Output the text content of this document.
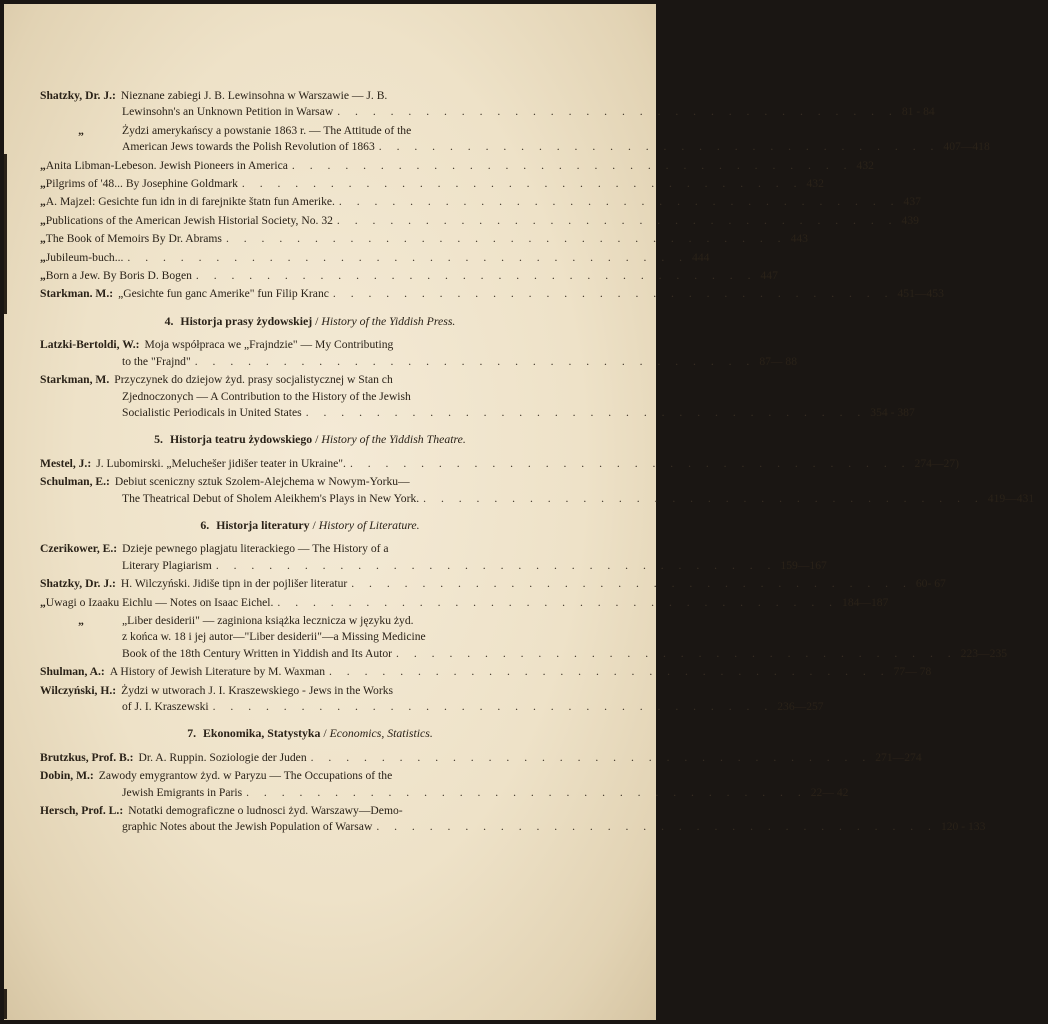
Shatzky, Dr. J.: Nieznane zabiegi J. B. Lewinsohna w Warszawie — J. B.
Lewinsohn's an Unknown Petition in Warsaw . . . . . . . . . . . . . . . . . . . . . . . . . . . . . . . . 81 - 84
„	Żydzi amerykańscy a powstanie 1863 r. — The Attitude of the
American Jews towards the Polish Revolution of 1863 . . . . . . . . . . . . . . . . . . . . . . . . . . . . . . . . 407—418
„ Anita Libman-Lebeson. Jewish Pioneers in America . . . . . . . . . . . . . . . . . . . . . . . . . . . . . . . . 432
„ Pilgrims of '48... By Josephine Goldmark . . . . . . . . . . . . . . . . . . . . . . . . . . . . . . . . 432
„ A. Majzel: Gesichte fun idn in di farejnikte štatn fun Amerike. . . . . . . . . . . . . . . . . . . . . . . . . . . . . . . . . 437
„ Publications of the American Jewish Historial Society, No. 32 . . . . . . . . . . . . . . . . . . . . . . . . . . . . . . . . 439
„ The Book of Memoirs By Dr. Abrams . . . . . . . . . . . . . . . . . . . . . . . . . . . . . . . . 443
„ Jubileum-buch... . . . . . . . . . . . . . . . . . . . . . . . . . . . . . . . . 444
„ Born a Jew. By Boris D. Bogen . . . . . . . . . . . . . . . . . . . . . . . . . . . . . . . . 447
Starkman. M.: „Gesichte fun ganc Amerike" fun Filip Kranc . . . . . . . . . . . . . . . . . . . . . . . . . . . . . . . . 451—453
4. Historja prasy żydowskiej / History of the Yiddish Press.
Latzki-Bertoldi, W.: Moja współpraca we „Frajndzie" — My Contributing
to the "Frajnd" . . . . . . . . . . . . . . . . . . . . . . . . . . . . . . . . 87— 88
Starkman, M. Przyczynek do dziejow żyd. prasy socjalistycznej w Stan ch
Zjednoczonych — A Contribution to the History of the Jewish
Socialistic Periodicals in United States . . . . . . . . . . . . . . . . . . . . . . . . . . . . . . . . 354 - 387
5. Historja teatru żydowskiego / History of the Yiddish Theatre.
Mestel, J.: J. Lubomirski. „Meluchešer jidišer teater in Ukraine". . . . . . . . . . . . . . . . . . . . . . . . . . . . . . . . . 274—27)
Schulman, E.: Debiut sceniczny sztuk Szolem-Alejchema w Nowym-Yorku—
The Theatrical Debut of Sholem Aleikhem's Plays in New York. . . . . . . . . . . . . . . . . . . . . . . . . . . . . . . . . 419—431
6. Historja literatury / History of Literature.
Czerikower, E.: Dzieje pewnego plagjatu literackiego — The History of a
Literary Plagiarism . . . . . . . . . . . . . . . . . . . . . . . . . . . . . . . . 159—167
Shatzky, Dr. J.: H. Wilczyński. Jidiše tipn in der pojlišer literatur . . . . . . . . . . . . . . . . . . . . . . . . . . . . . . . . 60- 67
„ Uwagi o Izaaku Eichlu — Notes on Isaac Eichel. . . . . . . . . . . . . . . . . . . . . . . . . . . . . . . . . 184—187
„	„Liber desiderii" — zaginiona książka lecznicza w języku żyd.
z końca w. 18 i jej autor—"Liber desiderii"—a Missing Medicine
Book of the 18th Century Written in Yiddish and Its Autor . . . . . . . . . . . . . . . . . . . . . . . . . . . . . . . . 223—235
Shulman, A.: A History of Jewish Literature by M. Waxman . . . . . . . . . . . . . . . . . . . . . . . . . . . . . . . . 77— 78
Wilczyński, H.: Żydzi w utworach J. I. Kraszewskiego - Jews in the Works
of J. I. Kraszewski . . . . . . . . . . . . . . . . . . . . . . . . . . . . . . . . 236—257
7. Ekonomika, Statystyka / Economics, Statistics.
Brutzkus, Prof. B.: Dr. A. Ruppin. Soziologie der Juden . . . . . . . . . . . . . . . . . . . . . . . . . . . . . . . . 271—274
Dobin, M.: Zawody emygrantow żyd. w Paryzu — The Occupations of the
Jewish Emigrants in Paris . . . . . . . . . . . . . . . . . . . . . . . . . . . . . . . . 22— 42
Hersch, Prof. L.: Notatki demograficzne o ludnosci żyd. Warszawy—Demo-
graphic Notes about the Jewish Population of Warsaw . . . . . . . . . . . . . . . . . . . . . . . . . . . . . . . . 120 - 133
